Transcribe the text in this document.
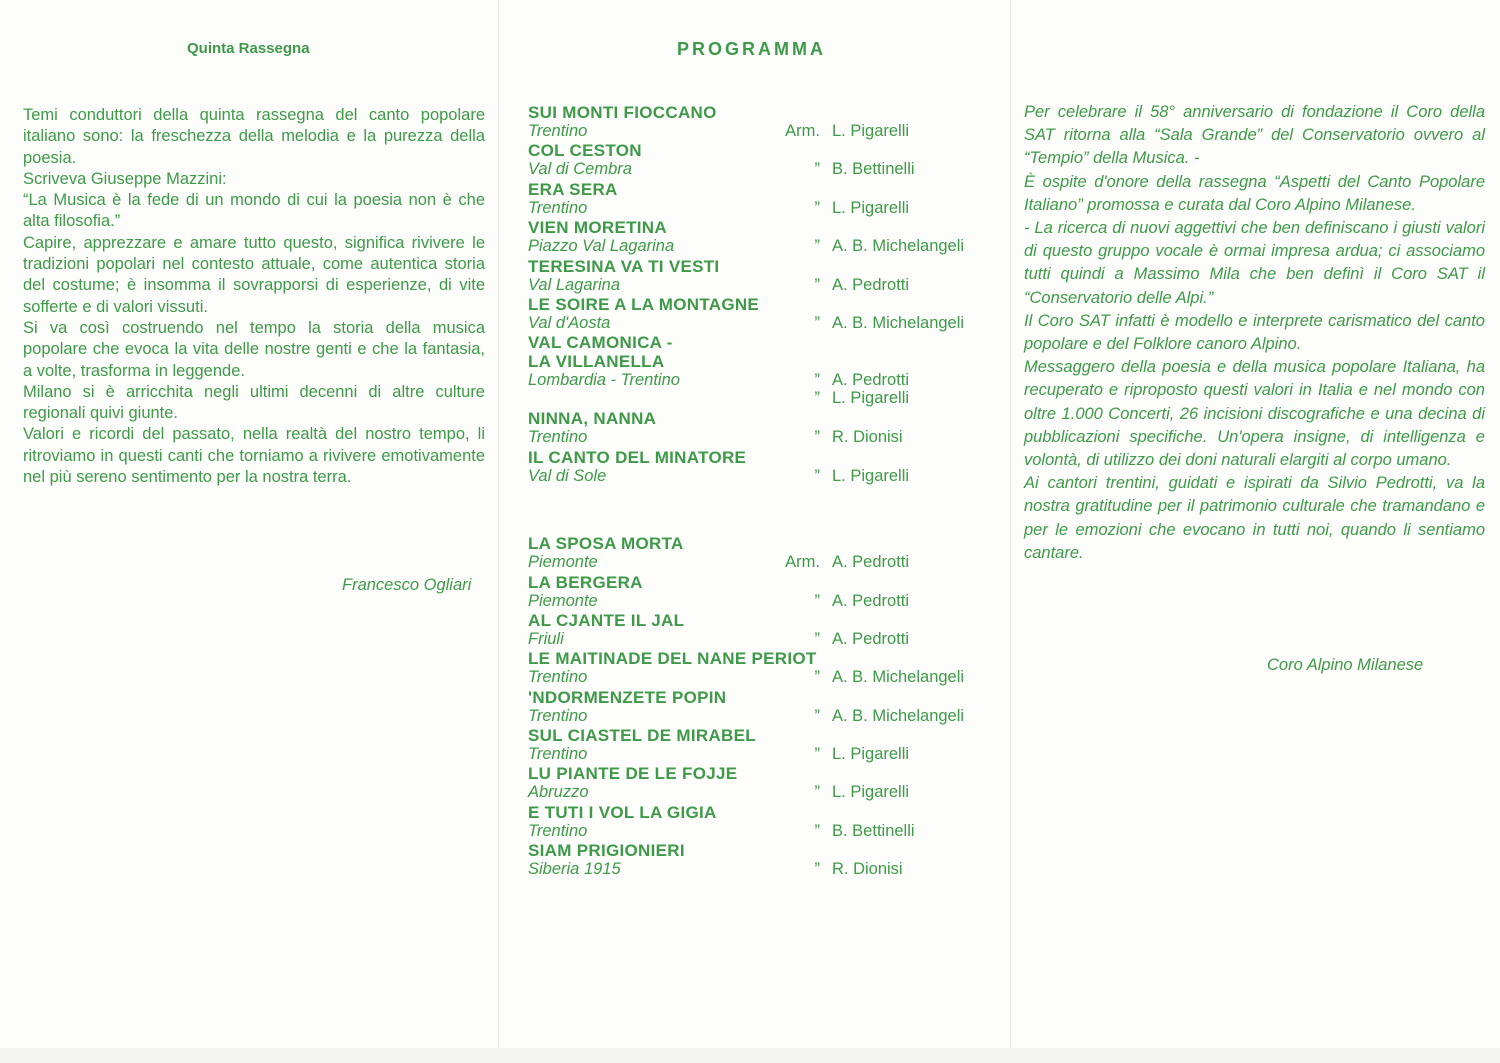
Quinta Rassegna

Temi conduttori della quinta rassegna del canto popolare italiano sono: la freschezza della melodia e la purezza della poesia.

Scriveva Giuseppe Mazzini:

“La Musica è la fede di un mondo di cui la poesia non è che alta filosofia.”

Capire, apprezzare e amare tutto questo, significa rivivere le tradizioni popolari nel contesto attuale, come autentica storia del costume; è insomma il sovrapporsi di esperienze, di vite sofferte e di valori vissuti.

Si va così costruendo nel tempo la storia della musica popolare che evoca la vita delle nostre genti e che la fantasia, a volte, trasforma in leggende.

Milano si è arricchita negli ultimi decenni di altre culture regionali quivi giunte.

Valori e ricordi del passato, nella realtà del nostro tempo, li ritroviamo in questi canti che torniamo a rivivere emotivamente nel più sereno sentimento per la nostra terra.

Francesco Ogliari
PROGRAMMA
SUI MONTI FIOCCANO
Trentino	Arm. L. Pigarelli
COL CESTON
Val di Cembra	” B. Bettinelli
ERA SERA
Trentino	” L. Pigarelli
VIEN MORETINA
Piazzo Val Lagarina	” A. B. Michelangeli
TERESINA VA TI VESTI
Val Lagarina	” A. Pedrotti
LE SOIRE A LA MONTAGNE
Val d'Aosta	” A. B. Michelangeli
VAL CAMONICA -
LA VILLANELLA
Lombardia - Trentino	” A. Pedrotti
” L. Pigarelli
NINNA, NANNA
Trentino	” R. Dionisi
IL CANTO DEL MINATORE
Val di Sole	” L. Pigarelli
LA SPOSA MORTA
Piemonte	Arm. A. Pedrotti
LA BERGERA
Piemonte	” A. Pedrotti
AL CJANTE IL JAL
Friuli	” A. Pedrotti
LE MAITINADE DEL NANE PERIOT
Trentino	” A. B. Michelangeli
'NDORMENZETE POPIN
Trentino	” A. B. Michelangeli
SUL CIASTEL DE MIRABEL
Trentino	” L. Pigarelli
LU PIANTE DE LE FOJJE
Abruzzo	” L. Pigarelli
E TUTI I VOL LA GIGIA
Trentino	” B. Bettinelli
SIAM PRIGIONIERI
Siberia 1915	” R. Dionisi

Per celebrare il 58° anniversario di fondazione il Coro della SAT ritorna alla “Sala Grande” del Conservatorio ovvero al “Tempio” della Musica. -

È ospite d'onore della rassegna “Aspetti del Canto Popolare Italiano” promossa e curata dal Coro Alpino Milanese.

- La ricerca di nuovi aggettivi che ben definiscano i giusti valori di questo gruppo vocale è ormai impresa ardua; ci associamo tutti quindi a Massimo Mila che ben definì il Coro SAT il “Conservatorio delle Alpi.”

Il Coro SAT infatti è modello e interprete carismatico del canto popolare e del Folklore canoro Alpino.

Messaggero della poesia e della musica popolare Italiana, ha recuperato e riproposto questi valori in Italia e nel mondo con oltre 1.000 Concerti, 26 incisioni discografiche e una decina di pubblicazioni specifiche. Un'opera insigne, di intelligenza e volontà, di utilizzo dei doni naturali elargiti al corpo umano.

Ai cantori trentini, guidati e ispirati da Silvio Pedrotti, va la nostra gratitudine per il patrimonio culturale che tramandano e per le emozioni che evocano in tutti noi, quando li sentiamo cantare.

Coro Alpino Milanese
